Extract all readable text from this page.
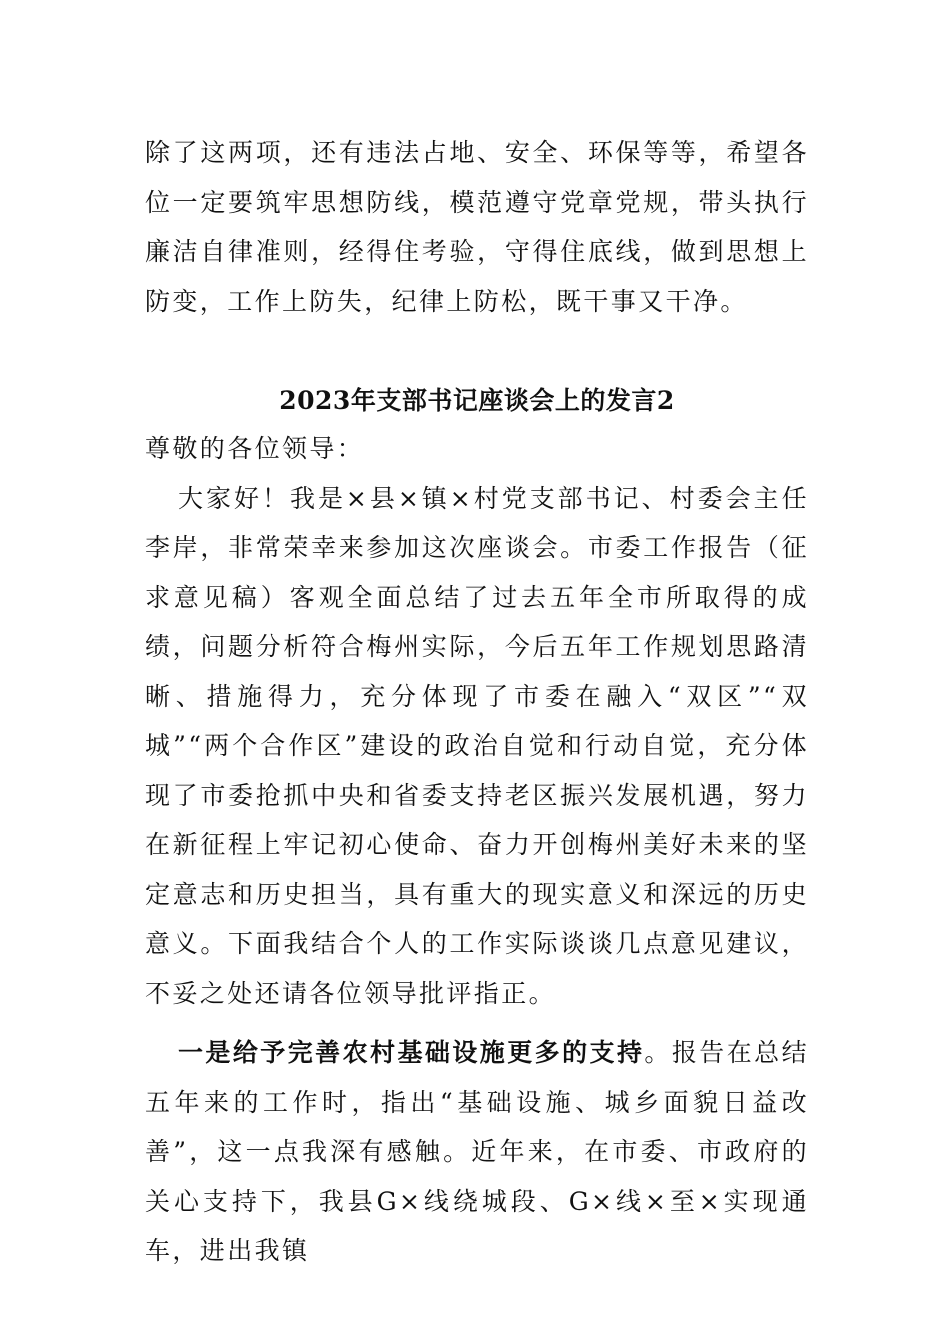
除了这两项，还有违法占地、安全、环保等等，希望各位一定要筑牢思想防线，模范遵守党章党规，带头执行廉洁自律准则，经得住考验，守得住底线，做到思想上防变，工作上防失，纪律上防松，既干事又干净。

2023年支部书记座谈会上的发言2

尊敬的各位领导：

大家好！我是×县×镇×村党支部书记、村委会主任李岸，非常荣幸来参加这次座谈会。市委工作报告（征求意见稿）客观全面总结了过去五年全市所取得的成绩，问题分析符合梅州实际，今后五年工作规划思路清晰、措施得力，充分体现了市委在融入“双区”“双城”“两个合作区”建设的政治自觉和行动自觉，充分体现了市委抢抓中央和省委支持老区振兴发展机遇，努力在新征程上牢记初心使命、奋力开创梅州美好未来的坚定意志和历史担当，具有重大的现实意义和深远的历史意义。下面我结合个人的工作实际谈谈几点意见建议，不妥之处还请各位领导批评指正。

一是给予完善农村基础设施更多的支持。报告在总结五年来的工作时，指出“基础设施、城乡面貌日益改善”，这一点我深有感触。近年来，在市委、市政府的关心支持下，我县G×线绕城段、G×线×至×实现通车，进出我镇
